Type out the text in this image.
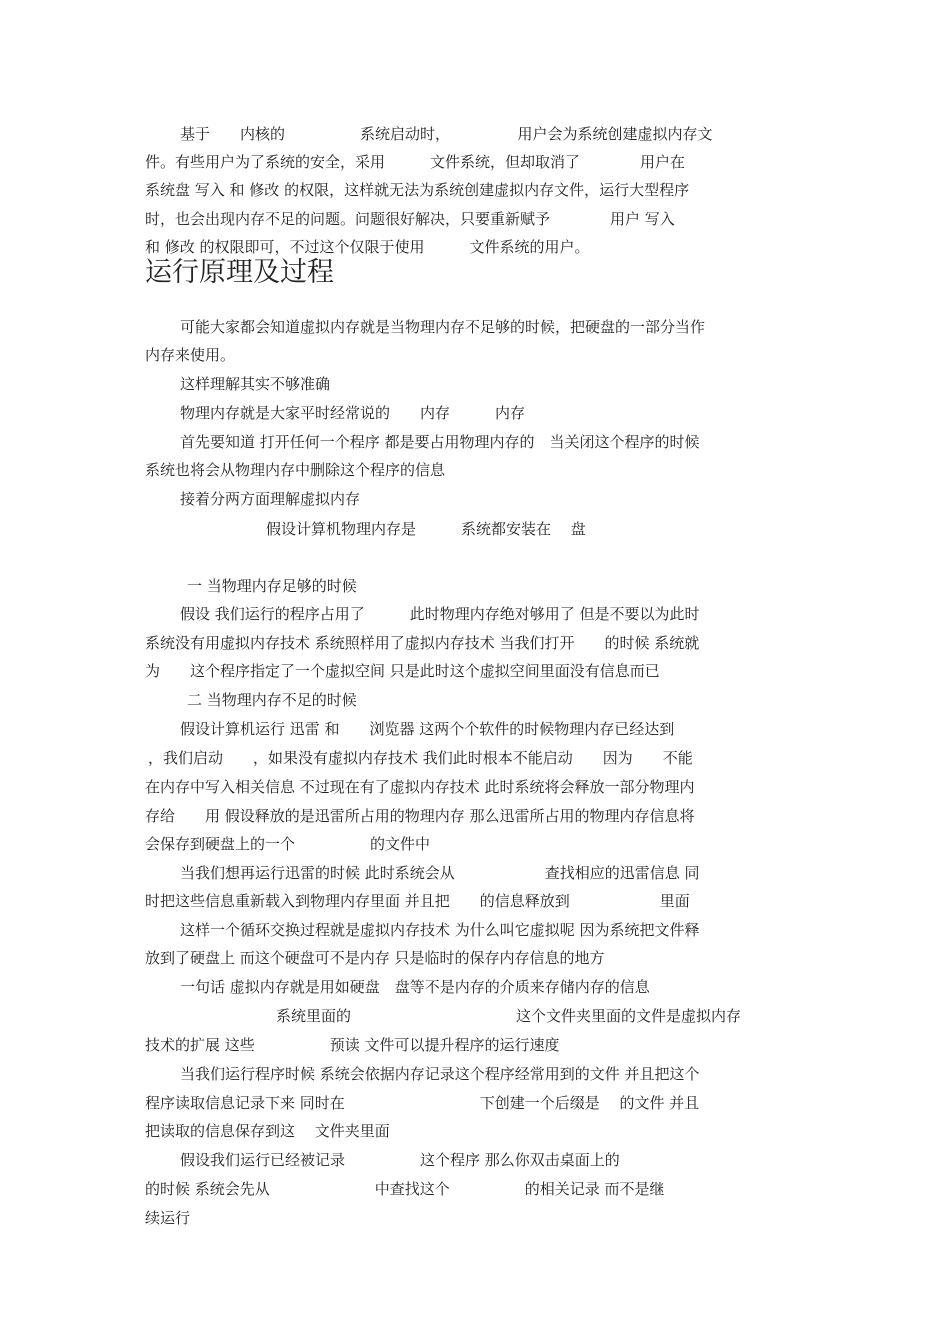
基于　　内核的　　　　　系统启动时，　　　　　用户会为系统创建虚拟内存文
件。有些用户为了系统的安全，采用　　　文件系统，但却取消了　　　　用户在
系统盘 写入 和 修改 的权限，这样就无法为系统创建虚拟内存文件，运行大型程序
时，也会出现内存不足的问题。问题很好解决，只要重新赋予　　　　用户 写入
和 修改 的权限即可，不过这个仅限于使用　　　文件系统的用户。
运行原理及过程
可能大家都会知道虚拟内存就是当物理内存不足够的时候，把硬盘的一部分当作
内存来使用。
这样理解其实不够准确
物理内存就是大家平时经常说的　　内存　　　内存
首先要知道 打开任何一个程序 都是要占用物理内存的　当关闭这个程序的时候
系统也将会从物理内存中删除这个程序的信息
接着分两方面理解虚拟内存
假设计算机物理内存是　　　系统都安装在　 盘
一 当物理内存足够的时候
假设 我们运行的程序占用了　　　此时物理内存绝对够用了 但是不要以为此时
系统没有用虚拟内存技术 系统照样用了虚拟内存技术 当我们打开　　的时候 系统就
为　　这个程序指定了一个虚拟空间 只是此时这个虚拟空间里面没有信息而已
二 当物理内存不足的时候
假设计算机运行 迅雷 和　　浏览器 这两个个软件的时候物理内存已经达到
，我们启动　　，如果没有虚拟内存技术 我们此时根本不能启动　　因为　　不能
在内存中写入相关信息 不过现在有了虚拟内存技术 此时系统将会释放一部分物理内
存给　　用 假设释放的是迅雷所占用的物理内存 那么迅雷所占用的物理内存信息将
会保存到硬盘上的一个　　　　　的文件中
当我们想再运行迅雷的时候 此时系统会从　　　　　　查找相应的迅雷信息 同
时把这些信息重新载入到物理内存里面 并且把　　的信息释放到　　　　　　里面
这样一个循环交换过程就是虚拟内存技术 为什么叫它虚拟呢 因为系统把文件释
放到了硬盘上 而这个硬盘可不是内存 只是临时的保存内存信息的地方
一句话 虚拟内存就是用如硬盘　盘等不是内存的介质来存储内存的信息
系统里面的　　　　　　　　　　　这个文件夹里面的文件是虚拟内存
技术的扩展 这些　　　　　预读 文件可以提升程序的运行速度
当我们运行程序时候 系统会依据内存记录这个程序经常用到的文件 并且把这个
程序读取信息记录下来 同时在　　　　　　　　　下创建一个后缀是　 的文件 并且
把读取的信息保存到这　 文件夹里面
假设我们运行已经被记录　　　　　这个程序 那么你双击桌面上的
的时候 系统会先从　　　　　　　中查找这个　　　　　的相关记录 而不是继
续运行
